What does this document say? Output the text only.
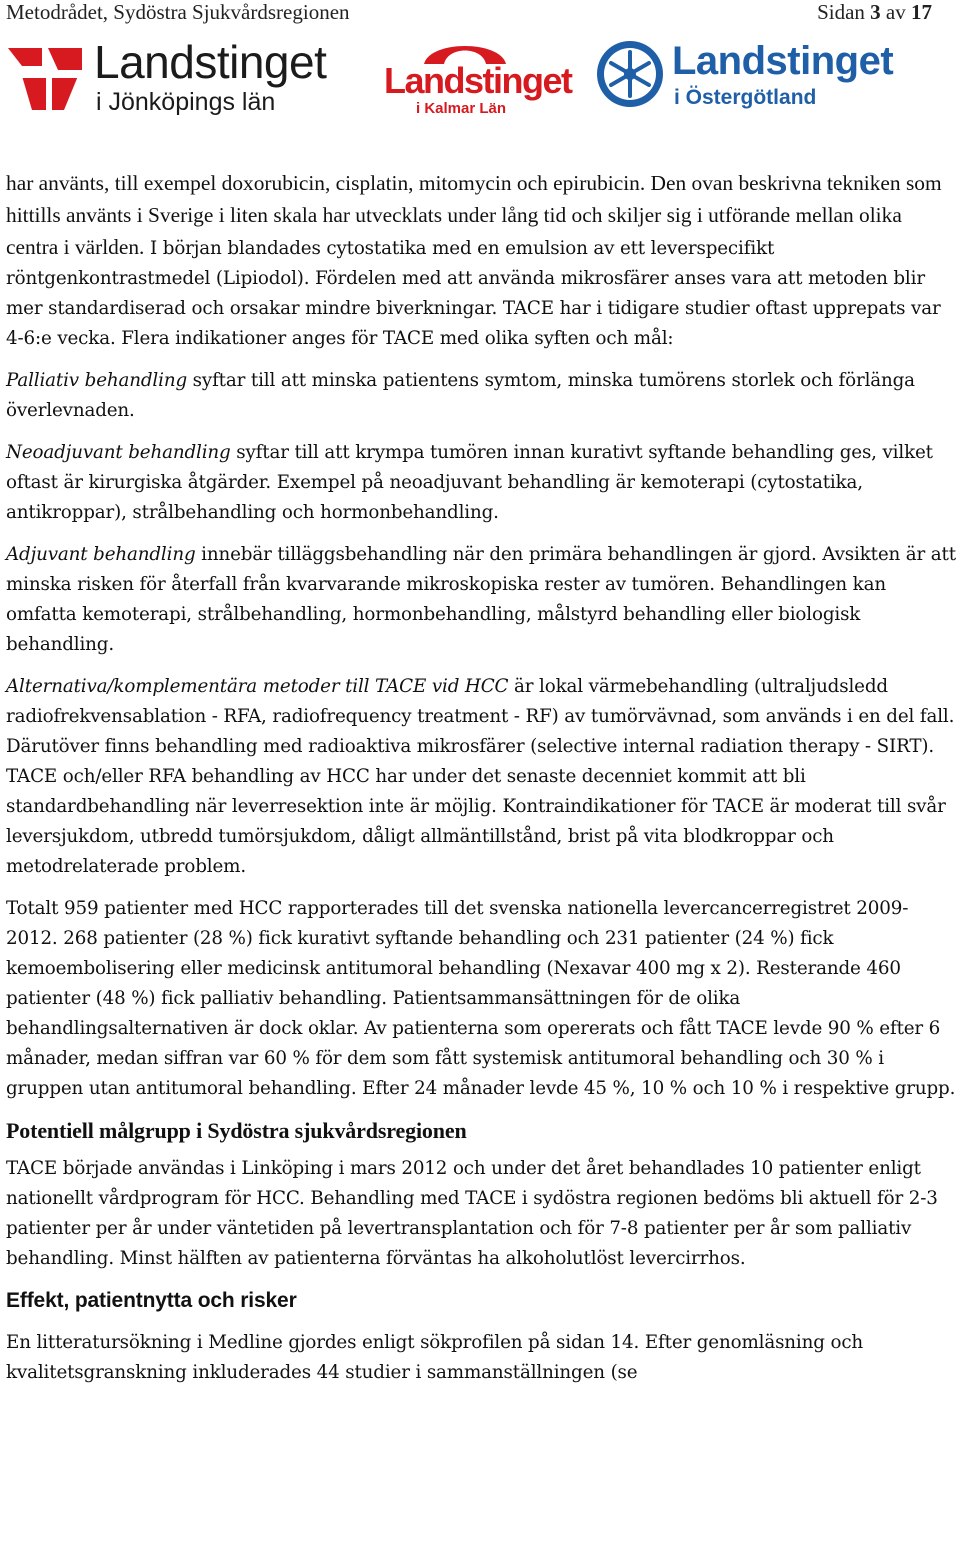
Metodrådet, Sydöstra Sjukvårdsregionen	Sidan 3 av 17
Landstinget
i Jönköpings län
Landstinget
i Kalmar Län
Landstinget
i Östergötland

har använts, till exempel doxorubicin, cisplatin, mitomycin och epirubicin. Den ovan beskrivna tekniken som hittills använts i Sverige i liten skala har utvecklats under lång tid och skiljer sig i utförande mellan olika centra i världen. I början blandades cytostatika med en emulsion av ett leverspecifikt röntgenkontrastmedel (Lipiodol). Fördelen med att använda mikrosfärer anses vara att metoden blir mer standardiserad och orsakar mindre biverkningar. TACE har i tidigare studier oftast upprepats var 4-6:e vecka. Flera indikationer anges för TACE med olika syften och mål:

Palliativ behandling syftar till att minska patientens symtom, minska tumörens storlek och förlänga överlevnaden.

Neoadjuvant behandling syftar till att krympa tumören innan kurativt syftande behandling ges, vilket oftast är kirurgiska åtgärder. Exempel på neoadjuvant behandling är kemoterapi (cytostatika, antikroppar), strålbehandling och hormonbehandling.

Adjuvant behandling innebär tilläggsbehandling när den primära behandlingen är gjord. Avsikten är att minska risken för återfall från kvarvarande mikroskopiska rester av tumören. Behandlingen kan omfatta kemoterapi, strålbehandling, hormonbehandling, målstyrd behandling eller biologisk behandling.

Alternativa/komplementära metoder till TACE vid HCC är lokal värmebehandling (ultraljudsledd radiofrekvensablation - RFA, radiofrequency treatment - RF) av tumörvävnad, som används i en del fall. Därutöver finns behandling med radioaktiva mikrosfärer (selective internal radiation therapy - SIRT). TACE och/eller RFA behandling av HCC har under det senaste decenniet kommit att bli standardbehandling när leverresektion inte är möjlig. Kontraindikationer för TACE är moderat till svår leversjukdom, utbredd tumörsjukdom, dåligt allmäntillstånd, brist på vita blodkroppar och metodrelaterade problem.

Totalt 959 patienter med HCC rapporterades till det svenska nationella levercancerregistret 2009-2012. 268 patienter (28 %) fick kurativt syftande behandling och 231 patienter (24 %) fick kemoembolisering eller medicinsk antitumoral behandling (Nexavar 400 mg x 2). Resterande 460 patienter (48 %) fick palliativ behandling. Patientsammansättningen för de olika behandlingsalternativen är dock oklar. Av patienterna som opererats och fått TACE levde 90 % efter 6 månader, medan siffran var 60 % för dem som fått systemisk antitumoral behandling och 30 % i gruppen utan antitumoral behandling. Efter 24 månader levde 45 %, 10 % och 10 % i respektive grupp.

Potentiell målgrupp i Sydöstra sjukvårdsregionen

TACE började användas i Linköping i mars 2012 och under det året behandlades 10 patienter enligt nationellt vårdprogram för HCC. Behandling med TACE i sydöstra regionen bedöms bli aktuell för 2-3 patienter per år under väntetiden på levertransplantation och för 7-8 patienter per år som palliativ behandling. Minst hälften av patienterna förväntas ha alkoholutlöst levercirrhos.

Effekt, patientnytta och risker

En litteratursökning i Medline gjordes enligt sökprofilen på sidan 14. Efter genomläsning och kvalitetsgranskning inkluderades 44 studier i sammanställningen (se
